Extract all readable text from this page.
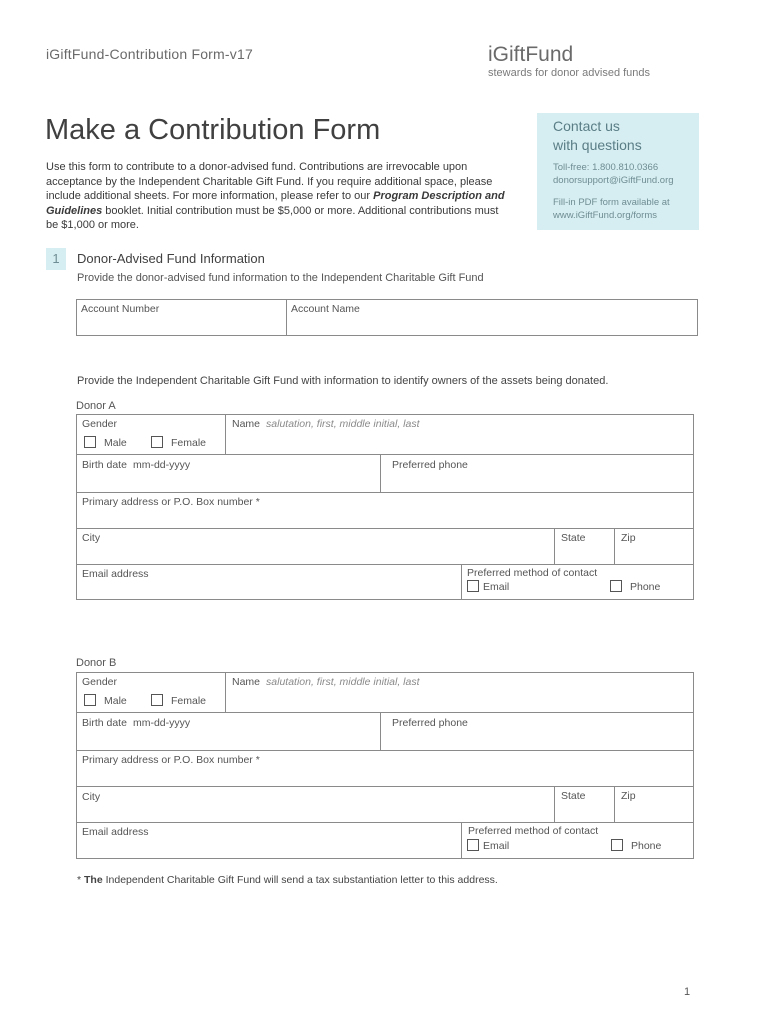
iGiftFund-Contribution Form-v17	iGiftFund
stewards for donor advised funds
Make a Contribution Form
Use this form to contribute to a donor-advised fund. Contributions are irrevocable upon acceptance by the Independent Charitable Gift Fund. If you require additional space, please include additional sheets. For more information, please refer to our Program Description and Guidelines booklet. Initial contribution must be $5,000 or more. Additional contributions must be $1,000 or more.
Contact us
with questions
Toll-free: 1.800.810.0366
donorsupport@iGiftFund.org
Fill-in PDF form available at
www.iGiftFund.org/forms
1	Donor-Advised Fund Information
Provide the donor-advised fund information to the Independent Charitable Gift Fund
Account Number	Account Name
Provide the Independent Charitable Gift Fund with information to identify owners of the assets being donated.
Donor A
Gender
Male	Female
Name salutation, first, middle initial, last
Birth date mm-dd-yyyy	Preferred phone
Primary address or P.O. Box number *
City	State	Zip
Email address	Preferred method of contact
Email	Phone
Donor B
Gender
Male	Female
Name salutation, first, middle initial, last
Birth date mm-dd-yyyy	Preferred phone
Primary address or P.O. Box number *
City	State	Zip
Email address	Preferred method of contact
Email	Phone
* The Independent Charitable Gift Fund will send a tax substantiation letter to this address.
1
